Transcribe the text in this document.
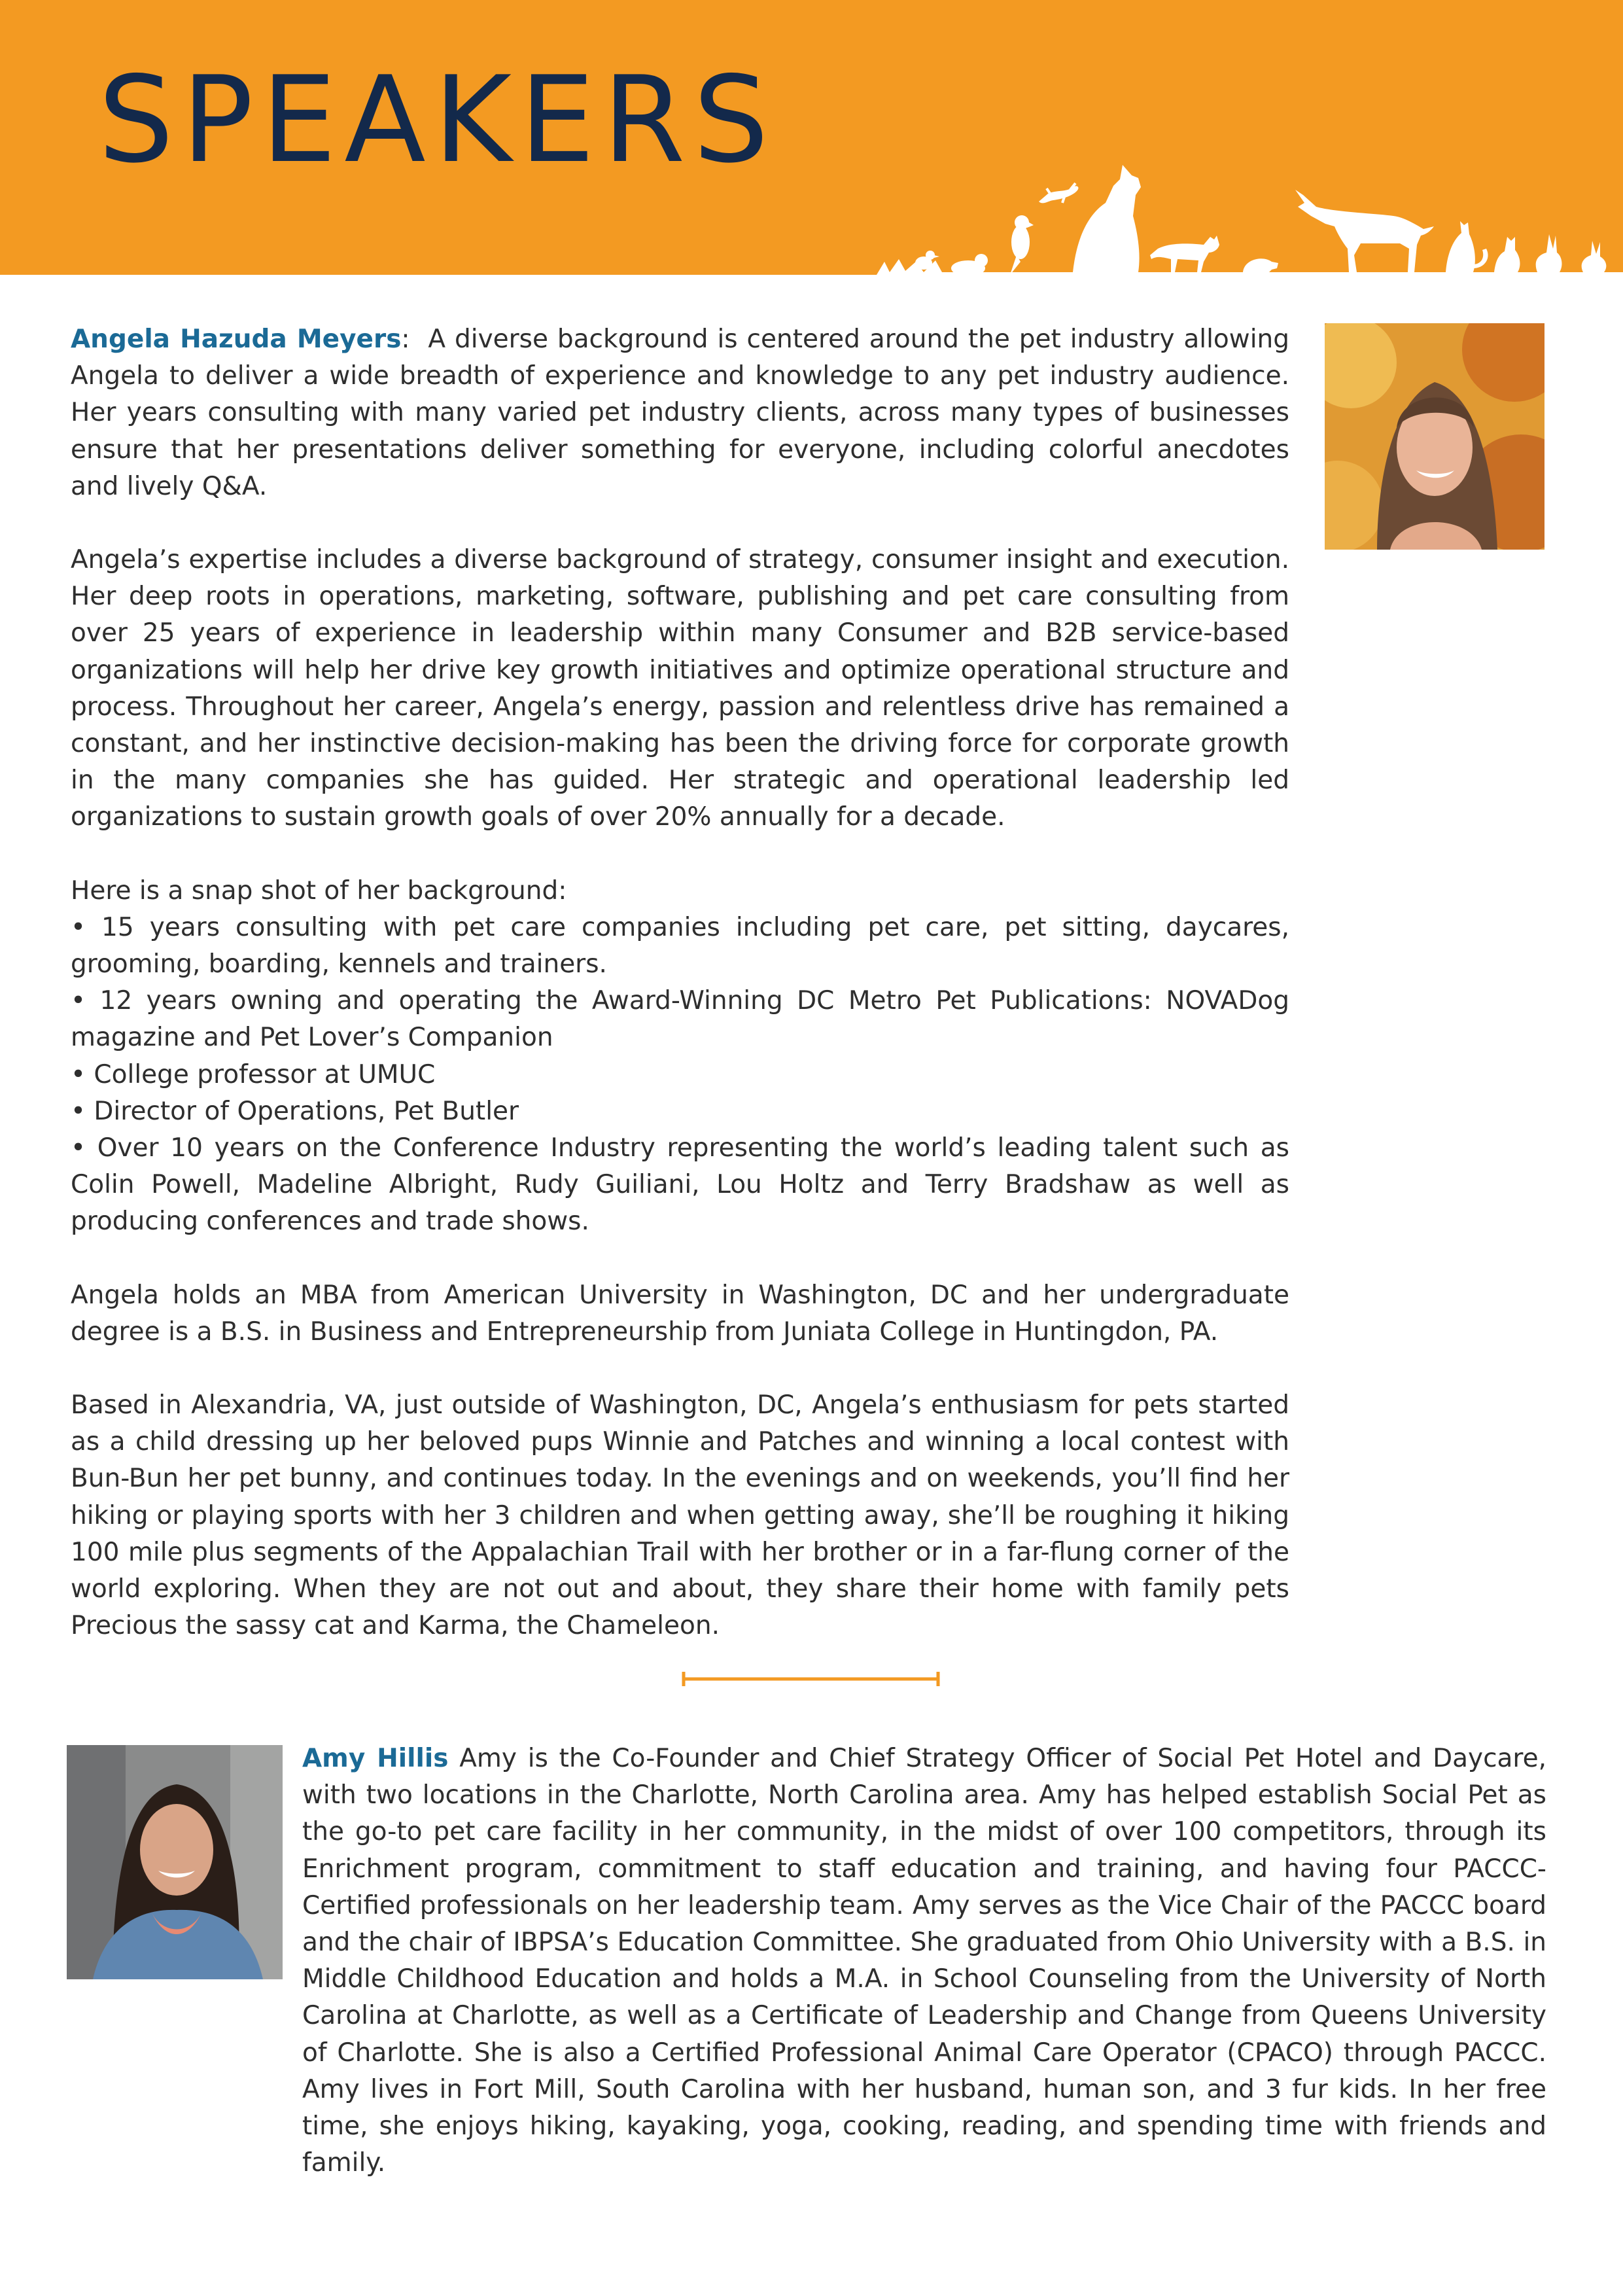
SPEAKERS

Angela Hazuda Meyers: A diverse background is centered around the pet industry allowing Angela to deliver a wide breadth of experience and knowledge to any pet industry audience. Her years consulting with many varied pet industry clients, across many types of businesses ensure that her presentations deliver something for everyone, including colorful anecdotes and lively Q&A.

Angela’s expertise includes a diverse background of strategy, consumer insight and execution. Her deep roots in operations, marketing, software, publishing and pet care consulting from over 25 years of experience in leadership within many Consumer and B2B service-based organizations will help her drive key growth initiatives and optimize operational structure and process. Throughout her career, Angela’s energy, passion and relentless drive has remained a constant, and her instinctive decision-making has been the driving force for corporate growth in the many companies she has guided. Her strategic and operational leadership led organizations to sustain growth goals of over 20% annually for a decade.

Here is a snap shot of her background:

• 15 years consulting with pet care companies including pet care, pet sitting, daycares, grooming, boarding, kennels and trainers.
• 12 years owning and operating the Award-Winning DC Metro Pet Publications: NOVADog magazine and Pet Lover’s Companion
• College professor at UMUC
• Director of Operations, Pet Butler
• Over 10 years on the Conference Industry representing the world’s leading talent such as Colin Powell, Madeline Albright, Rudy Guiliani, Lou Holtz and Terry Bradshaw as well as producing conferences and trade shows.

Angela holds an MBA from American University in Washington, DC and her undergraduate degree is a B.S. in Business and Entrepreneurship from Juniata College in Huntingdon, PA.

Based in Alexandria, VA, just outside of Washington, DC, Angela’s enthusiasm for pets started as a child dressing up her beloved pups Winnie and Patches and winning a local contest with Bun-Bun her pet bunny, and continues today. In the evenings and on weekends, you’ll find her hiking or playing sports with her 3 children and when getting away, she’ll be roughing it hiking 100 mile plus segments of the Appalachian Trail with her brother or in a far-flung corner of the world exploring. When they are not out and about, they share their home with family pets Precious the sassy cat and Karma, the Chameleon.

Amy Hillis Amy is the Co-Founder and Chief Strategy Officer of Social Pet Hotel and Daycare, with two locations in the Charlotte, North Carolina area. Amy has helped establish Social Pet as the go-to pet care facility in her community, in the midst of over 100 competitors, through its Enrichment program, commitment to staff education and training, and having four PACCC-Certified professionals on her leadership team. Amy serves as the Vice Chair of the PACCC board and the chair of IBPSA’s Education Committee. She graduated from Ohio University with a B.S. in Middle Childhood Education and holds a M.A. in School Counseling from the University of North Carolina at Charlotte, as well as a Certificate of Leadership and Change from Queens University of Charlotte. She is also a Certified Professional Animal Care Operator (CPACO) through PACCC. Amy lives in Fort Mill, South Carolina with her husband, human son, and 3 fur kids. In her free time, she enjoys hiking, kayaking, yoga, cooking, reading, and spending time with friends and family.
